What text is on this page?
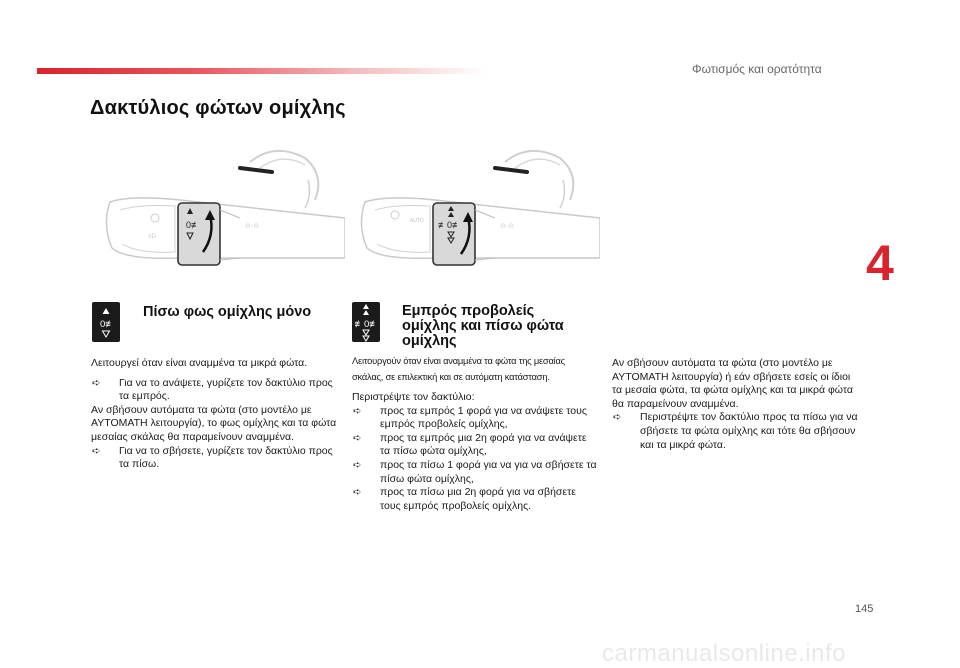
Φωτισμός και ορατότητα
4
Δακτύλιος φώτων ομίχλης
≡D
⊖-⊝
0≢	AUTO
⊖-⊝
≢0≢
0≢
Πίσω φως ομίχλης μόνο
≢0≢
Εμπρός προβολείς ομίχλης και πίσω φώτα ομίχλης

Λειτουργεί όταν είναι αναμμένα τα μικρά φώτα.

➪ Για να το ανάψετε, γυρίζετε τον δακτύλιο προς τα εμπρός.

Αν σβήσουν αυτόματα τα φώτα (στο μοντέλο με ΑΥΤΟΜΑΤΗ λειτουργία), το φως ομίχλης και τα φώτα μεσαίας σκάλας θα παραμείνουν αναμμένα.

➪ Για να το σβήσετε, γυρίζετε τον δακτύλιο προς τα πίσω.

Λειτουργούν όταν είναι αναμμένα τα φώτα της μεσαίας σκάλας, σε επιλεκτική και σε αυτόματη κατάσταση.

Περιστρέψτε τον δακτύλιο:

➪ προς τα εμπρός 1 φορά για να ανάψετε τους εμπρός προβολείς ομίχλης,

➪ προς τα εμπρός μια 2η φορά για να ανάψετε τα πίσω φώτα ομίχλης,

➪ προς τα πίσω 1 φορά για να για να σβήσετε τα πίσω φώτα ομίχλης,

➪ προς τα πίσω μια 2η φορά για να σβήσετε τους εμπρός προβολείς ομίχλης.

Αν σβήσουν αυτόματα τα φώτα (στο μοντέλο με ΑΥΤΟΜΑΤΗ λειτουργία) ή εάν σβήσετε εσείς οι ίδιοι τα μεσαία φώτα, τα φώτα ομίχλης και τα μικρά φώτα θα παραμείνουν αναμμένα.

➪ Περιστρέψτε τον δακτύλιο προς τα πίσω για να σβήσετε τα φώτα ομίχλης και τότε θα σβήσουν και τα μικρά φώτα.

145
carmanualsonline.info
